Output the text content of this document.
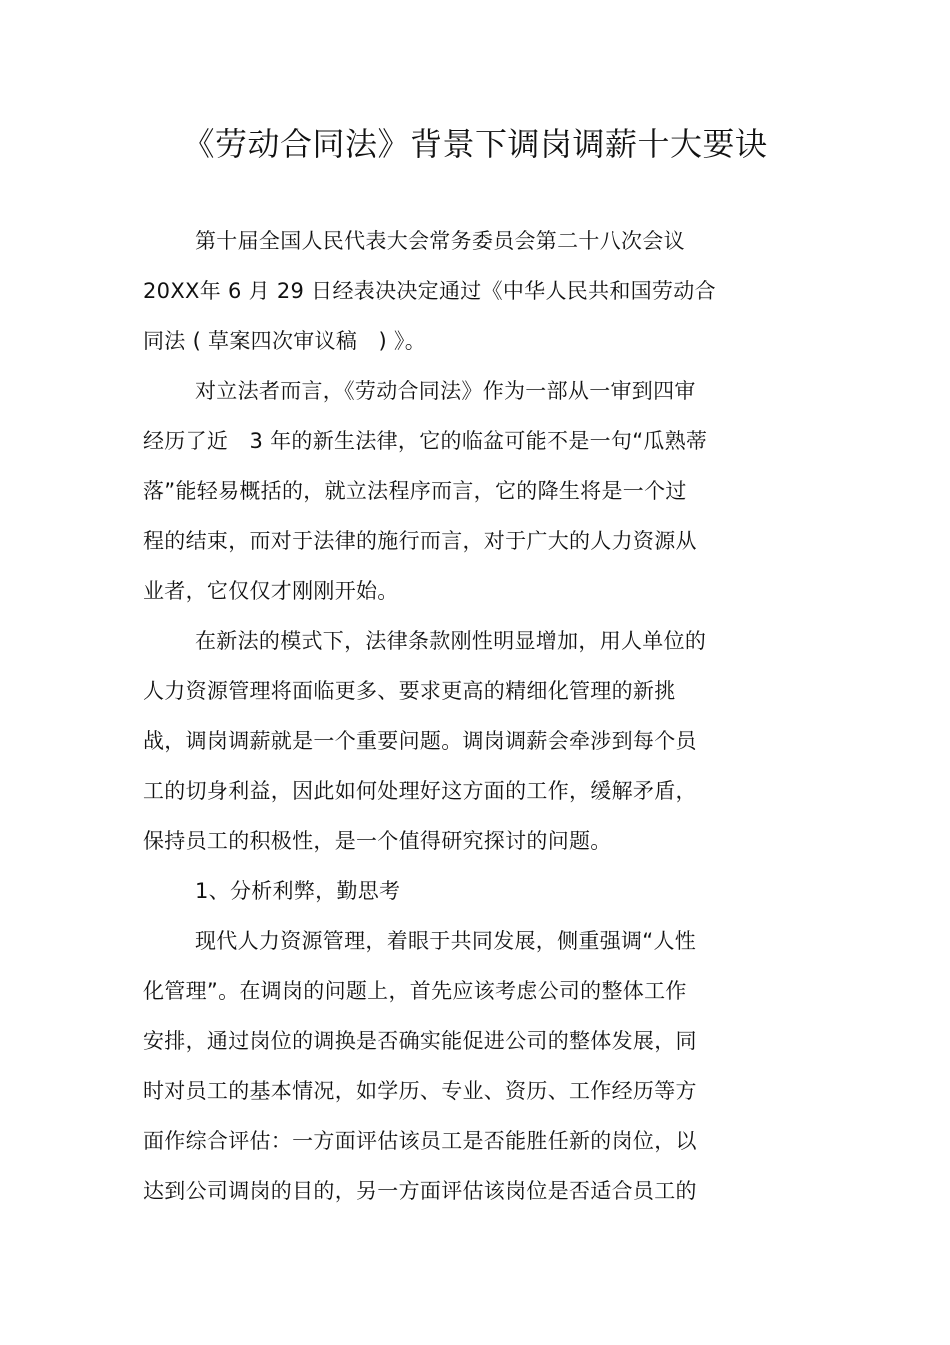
《劳动合同法》背景下调岗调薪十大要诀
第十届全国人民代表大会常务委员会第二十八次会议
20XX年 6 月 29 日经表决决定通过《中华人民共和国劳动合
同法 ( 草案四次审议稿　) 》。
对立法者而言，《劳动合同法》作为一部从一审到四审
经历了近　3 年的新生法律，它的临盆可能不是一句“瓜熟蒂
落”能轻易概括的，就立法程序而言，它的降生将是一个过
程的结束，而对于法律的施行而言，对于广大的人力资源从
业者，它仅仅才刚刚开始。
在新法的模式下，法律条款刚性明显增加，用人单位的
人力资源管理将面临更多、要求更高的精细化管理的新挑
战，调岗调薪就是一个重要问题。调岗调薪会牵涉到每个员
工的切身利益，因此如何处理好这方面的工作，缓解矛盾，
保持员工的积极性，是一个值得研究探讨的问题。
1、分析利弊，勤思考
现代人力资源管理，着眼于共同发展，侧重强调“人性
化管理”。在调岗的问题上，首先应该考虑公司的整体工作
安排，通过岗位的调换是否确实能促进公司的整体发展，同
时对员工的基本情况，如学历、专业、资历、工作经历等方
面作综合评估：一方面评估该员工是否能胜任新的岗位，以
达到公司调岗的目的，另一方面评估该岗位是否适合员工的
